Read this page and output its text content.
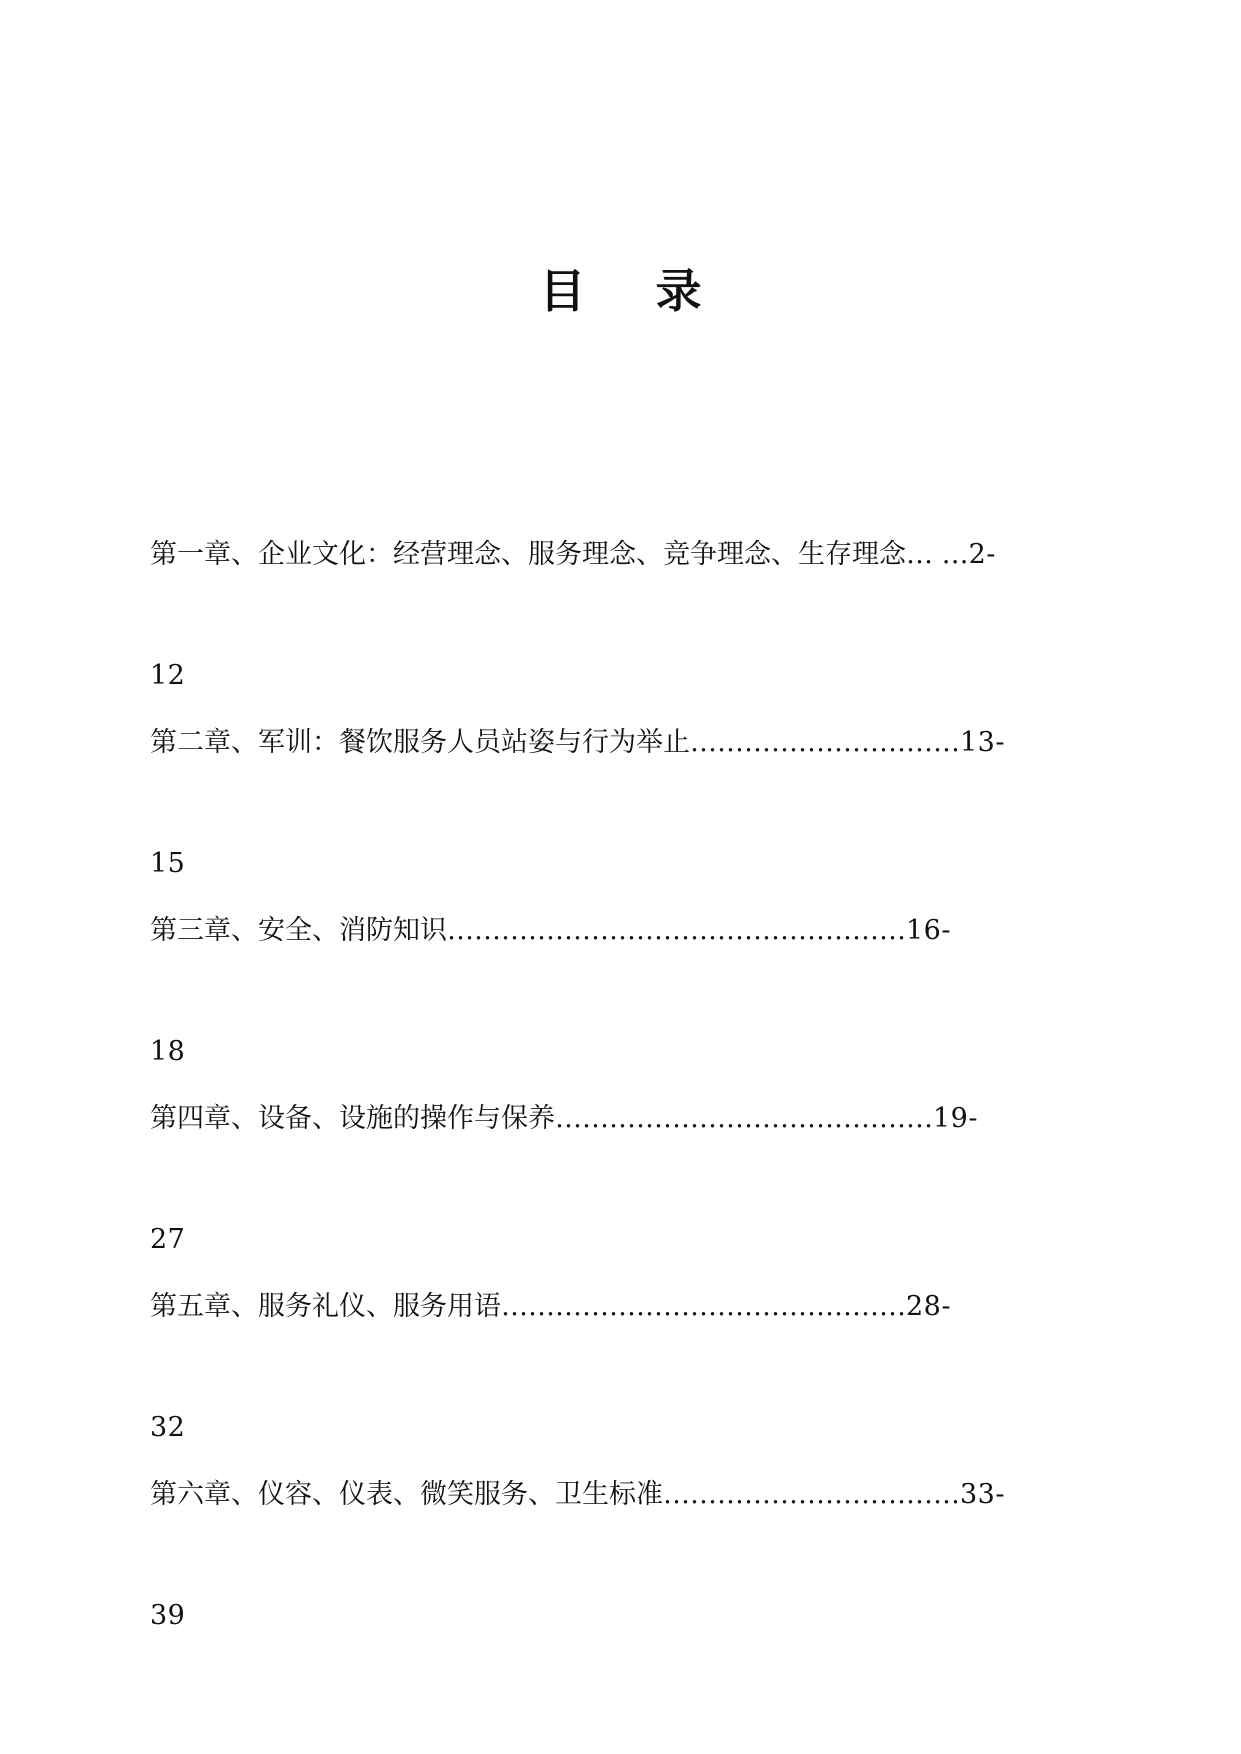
目 录
第一章、企业文化：经营理念、服务理念、竞争理念、生存理念… …2-
12
第二章、军训：餐饮服务人员站姿与行为举止…………………………13-
15
第三章、安全、消防知识……………………………………………16-
18
第四章、设备、设施的操作与保养……………………………………19-
27
第五章、服务礼仪、服务用语………………………………………28-
32
第六章、仪容、仪表、微笑服务、卫生标准……………………………33-
39
